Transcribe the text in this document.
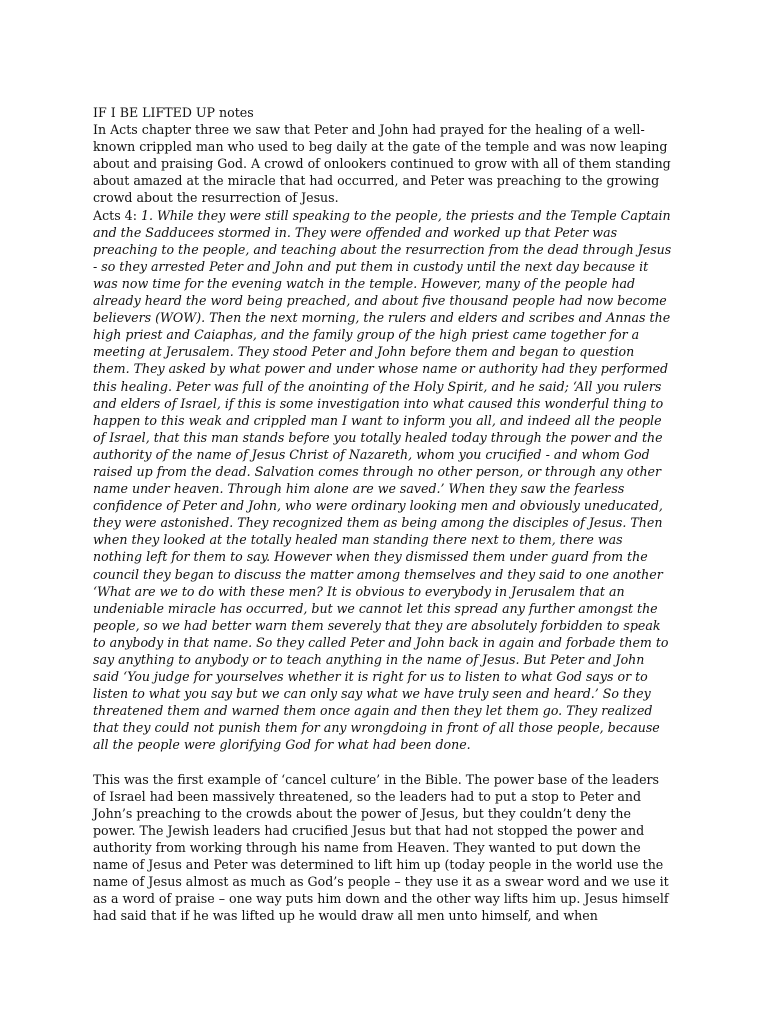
IF I BE LIFTED UP notes

In Acts chapter three we saw that Peter and John had prayed for the healing of a well-known crippled man who used to beg daily at the gate of the temple and was now leaping about and praising God. A crowd of onlookers continued to grow with all of them standing about amazed at the miracle that had occurred, and Peter was preaching to the growing crowd about the resurrection of Jesus.

Acts 4: 1. While they were still speaking to the people, the priests and the Temple Captain and the Sadducees stormed in. They were offended and worked up that Peter was preaching to the people, and teaching about the resurrection from the dead through Jesus - so they arrested Peter and John and put them in custody until the next day because it was now time for the evening watch in the temple. However, many of the people had already heard the word being preached, and about five thousand people had now become believers (WOW). Then the next morning, the rulers and elders and scribes and Annas the high priest and Caiaphas, and the family group of the high priest came together for a meeting at Jerusalem. They stood Peter and John before them and began to question them. They asked by what power and under whose name or authority had they performed this healing. Peter was full of the anointing of the Holy Spirit, and he said; ‘All you rulers and elders of Israel, if this is some investigation into what caused this wonderful thing to happen to this weak and crippled man I want to inform you all, and indeed all the people of Israel, that this man stands before you totally healed today through the power and the authority of the name of Jesus Christ of Nazareth, whom you crucified - and whom God raised up from the dead. Salvation comes through no other person, or through any other name under heaven. Through him alone are we saved.’ When they saw the fearless confidence of Peter and John, who were ordinary looking men and obviously uneducated, they were astonished. They recognized them as being among the disciples of Jesus. Then when they looked at the totally healed man standing there next to them, there was nothing left for them to say. However when they dismissed them under guard from the council they began to discuss the matter among themselves and they said to one another ‘What are we to do with these men? It is obvious to everybody in Jerusalem that an undeniable miracle has occurred, but we cannot let this spread any further amongst the people, so we had better warn them severely that they are absolutely forbidden to speak to anybody in that name. So they called Peter and John back in again and forbade them to say anything to anybody or to teach anything in the name of Jesus. But Peter and John said ‘You judge for yourselves whether it is right for us to listen to what God says or to listen to what you say but we can only say what we have truly seen and heard.’ So they threatened them and warned them once again and then they let them go. They realized that they could not punish them for any wrongdoing in front of all those people, because all the people were glorifying God for what had been done.

This was the first example of ‘cancel culture’ in the Bible. The power base of the leaders of Israel had been massively threatened, so the leaders had to put a stop to Peter and John’s preaching to the crowds about the power of Jesus, but they couldn’t deny the power. The Jewish leaders had crucified Jesus but that had not stopped the power and authority from working through his name from Heaven. They wanted to put down the name of Jesus and Peter was determined to lift him up (today people in the world use the name of Jesus almost as much as God’s people – they use it as a swear word and we use it as a word of praise – one way puts him down and the other way lifts him up. Jesus himself had said that if he was lifted up he would draw all men unto himself, and when
